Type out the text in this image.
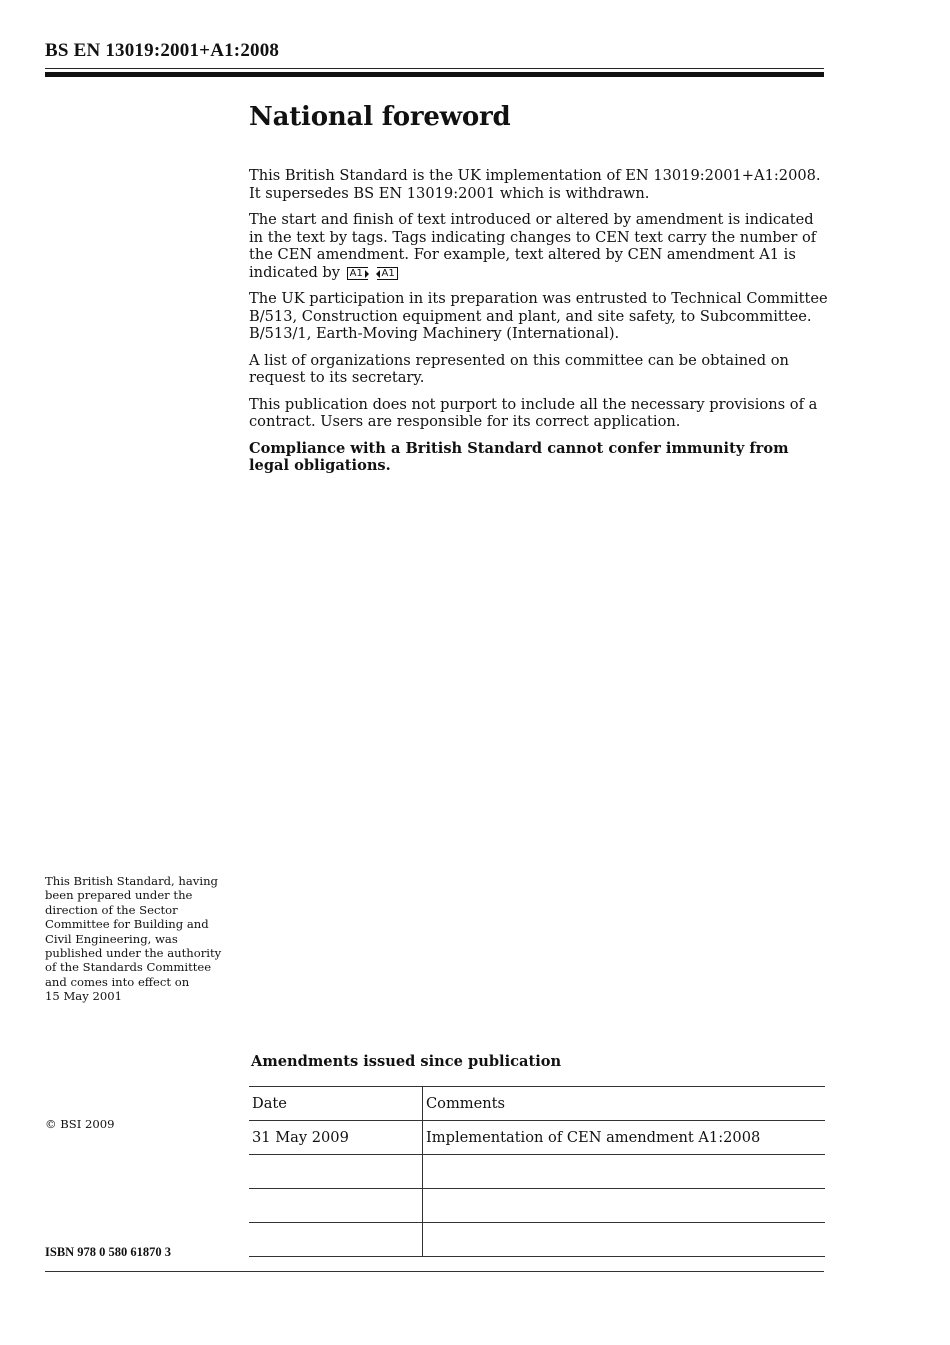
BS EN 13019:2001+A1:2008
National foreword

This British Standard is the UK implementation of EN 13019:2001+A1:2008. It supersedes BS EN 13019:2001 which is withdrawn.

The start and finish of text introduced or altered by amendment is indicated in the text by tags. Tags indicating changes to CEN text carry the number of the CEN amendment. For example, text altered by CEN amendment A1 is indicated by A1 A1

The UK participation in its preparation was entrusted to Technical Committee B/513, Construction equipment and plant, and site safety, to Subcommittee. B/513/1, Earth-Moving Machinery (International).

A list of organizations represented on this committee can be obtained on request to its secretary.

This publication does not purport to include all the necessary provisions of a contract. Users are responsible for its correct application.

Compliance with a British Standard cannot confer immunity from legal obligations.

This British Standard, having
been prepared under the
direction of the Sector
Committee for Building and
Civil Engineering, was
published under the authority
of the Standards Committee
and comes into effect on
15 May 2001
© BSI 2009
Amendments issued since publication
Date	Comments
31 May 2009	Implementation of CEN amendment A1:2008

ISBN 978 0 580 61870 3
